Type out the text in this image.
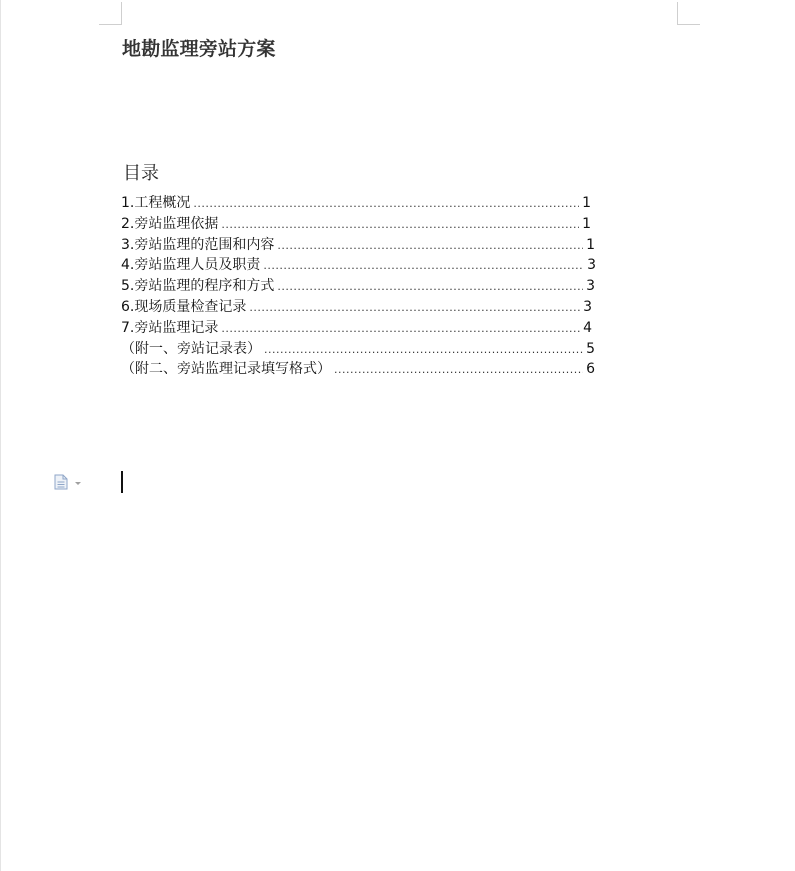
地勘监理旁站方案
目录
1.工程概况 .....	1
2.旁站监理依据 .....	1
3.旁站监理的范围和内容 .....	1
4.旁站监理人员及职责 .....	3
5.旁站监理的程序和方式 .....	3
6.现场质量检查记录 .....	3
7.旁站监理记录 .....	4
（附一、旁站记录表） .....	5
（附二、旁站监理记录填写格式） .....	6
